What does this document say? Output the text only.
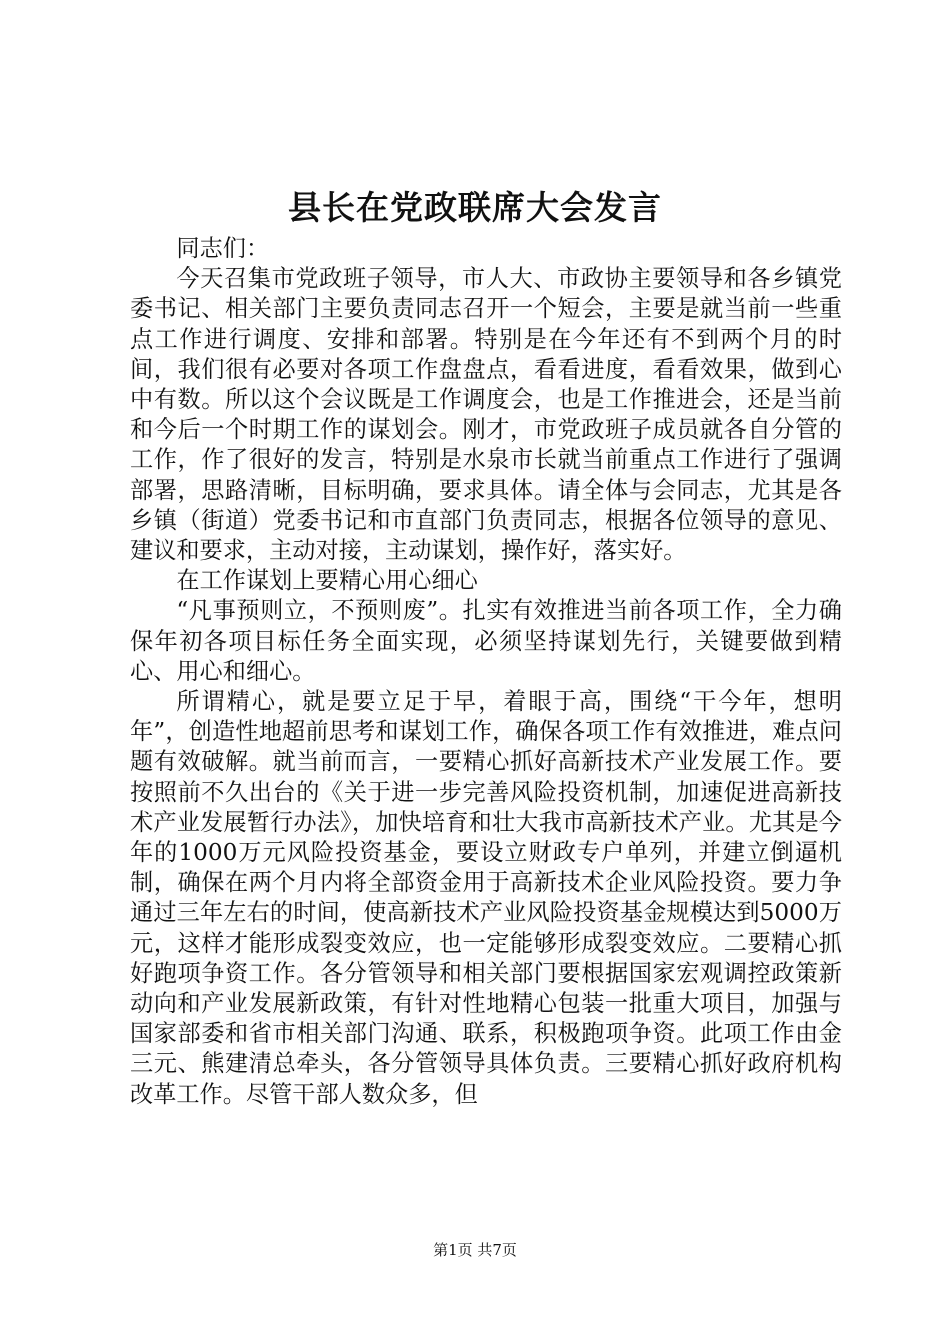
县长在党政联席大会发言

同志们：

今天召集市党政班子领导，市人大、市政协主要领导和各乡镇党委书记、相关部门主要负责同志召开一个短会，主要是就当前一些重点工作进行调度、安排和部署。特别是在今年还有不到两个月的时间，我们很有必要对各项工作盘盘点，看看进度，看看效果，做到心中有数。所以这个会议既是工作调度会，也是工作推进会，还是当前和今后一个时期工作的谋划会。刚才，市党政班子成员就各自分管的工作，作了很好的发言，特别是水泉市长就当前重点工作进行了强调部署，思路清晰，目标明确，要求具体。请全体与会同志，尤其是各乡镇（街道）党委书记和市直部门负责同志，根据各位领导的意见、建议和要求，主动对接，主动谋划，操作好，落实好。

在工作谋划上要精心用心细心

“凡事预则立，不预则废”。扎实有效推进当前各项工作，全力确保年初各项目标任务全面实现，必须坚持谋划先行，关键要做到精心、用心和细心。

所谓精心，就是要立足于早，着眼于高，围绕“干今年，想明年”，创造性地超前思考和谋划工作，确保各项工作有效推进，难点问题有效破解。就当前而言，一要精心抓好高新技术产业发展工作。要按照前不久出台的《关于进一步完善风险投资机制，加速促进高新技术产业发展暂行办法》，加快培育和壮大我市高新技术产业。尤其是今年的1000万元风险投资基金，要设立财政专户单列，并建立倒逼机制，确保在两个月内将全部资金用于高新技术企业风险投资。要力争通过三年左右的时间，使高新技术产业风险投资基金规模达到5000万元，这样才能形成裂变效应，也一定能够形成裂变效应。二要精心抓好跑项争资工作。各分管领导和相关部门要根据国家宏观调控政策新动向和产业发展新政策，有针对性地精心包装一批重大项目，加强与国家部委和省市相关部门沟通、联系，积极跑项争资。此项工作由金三元、熊建清总牵头，各分管领导具体负责。三要精心抓好政府机构改革工作。尽管干部人数众多，但

第1页 共7页
